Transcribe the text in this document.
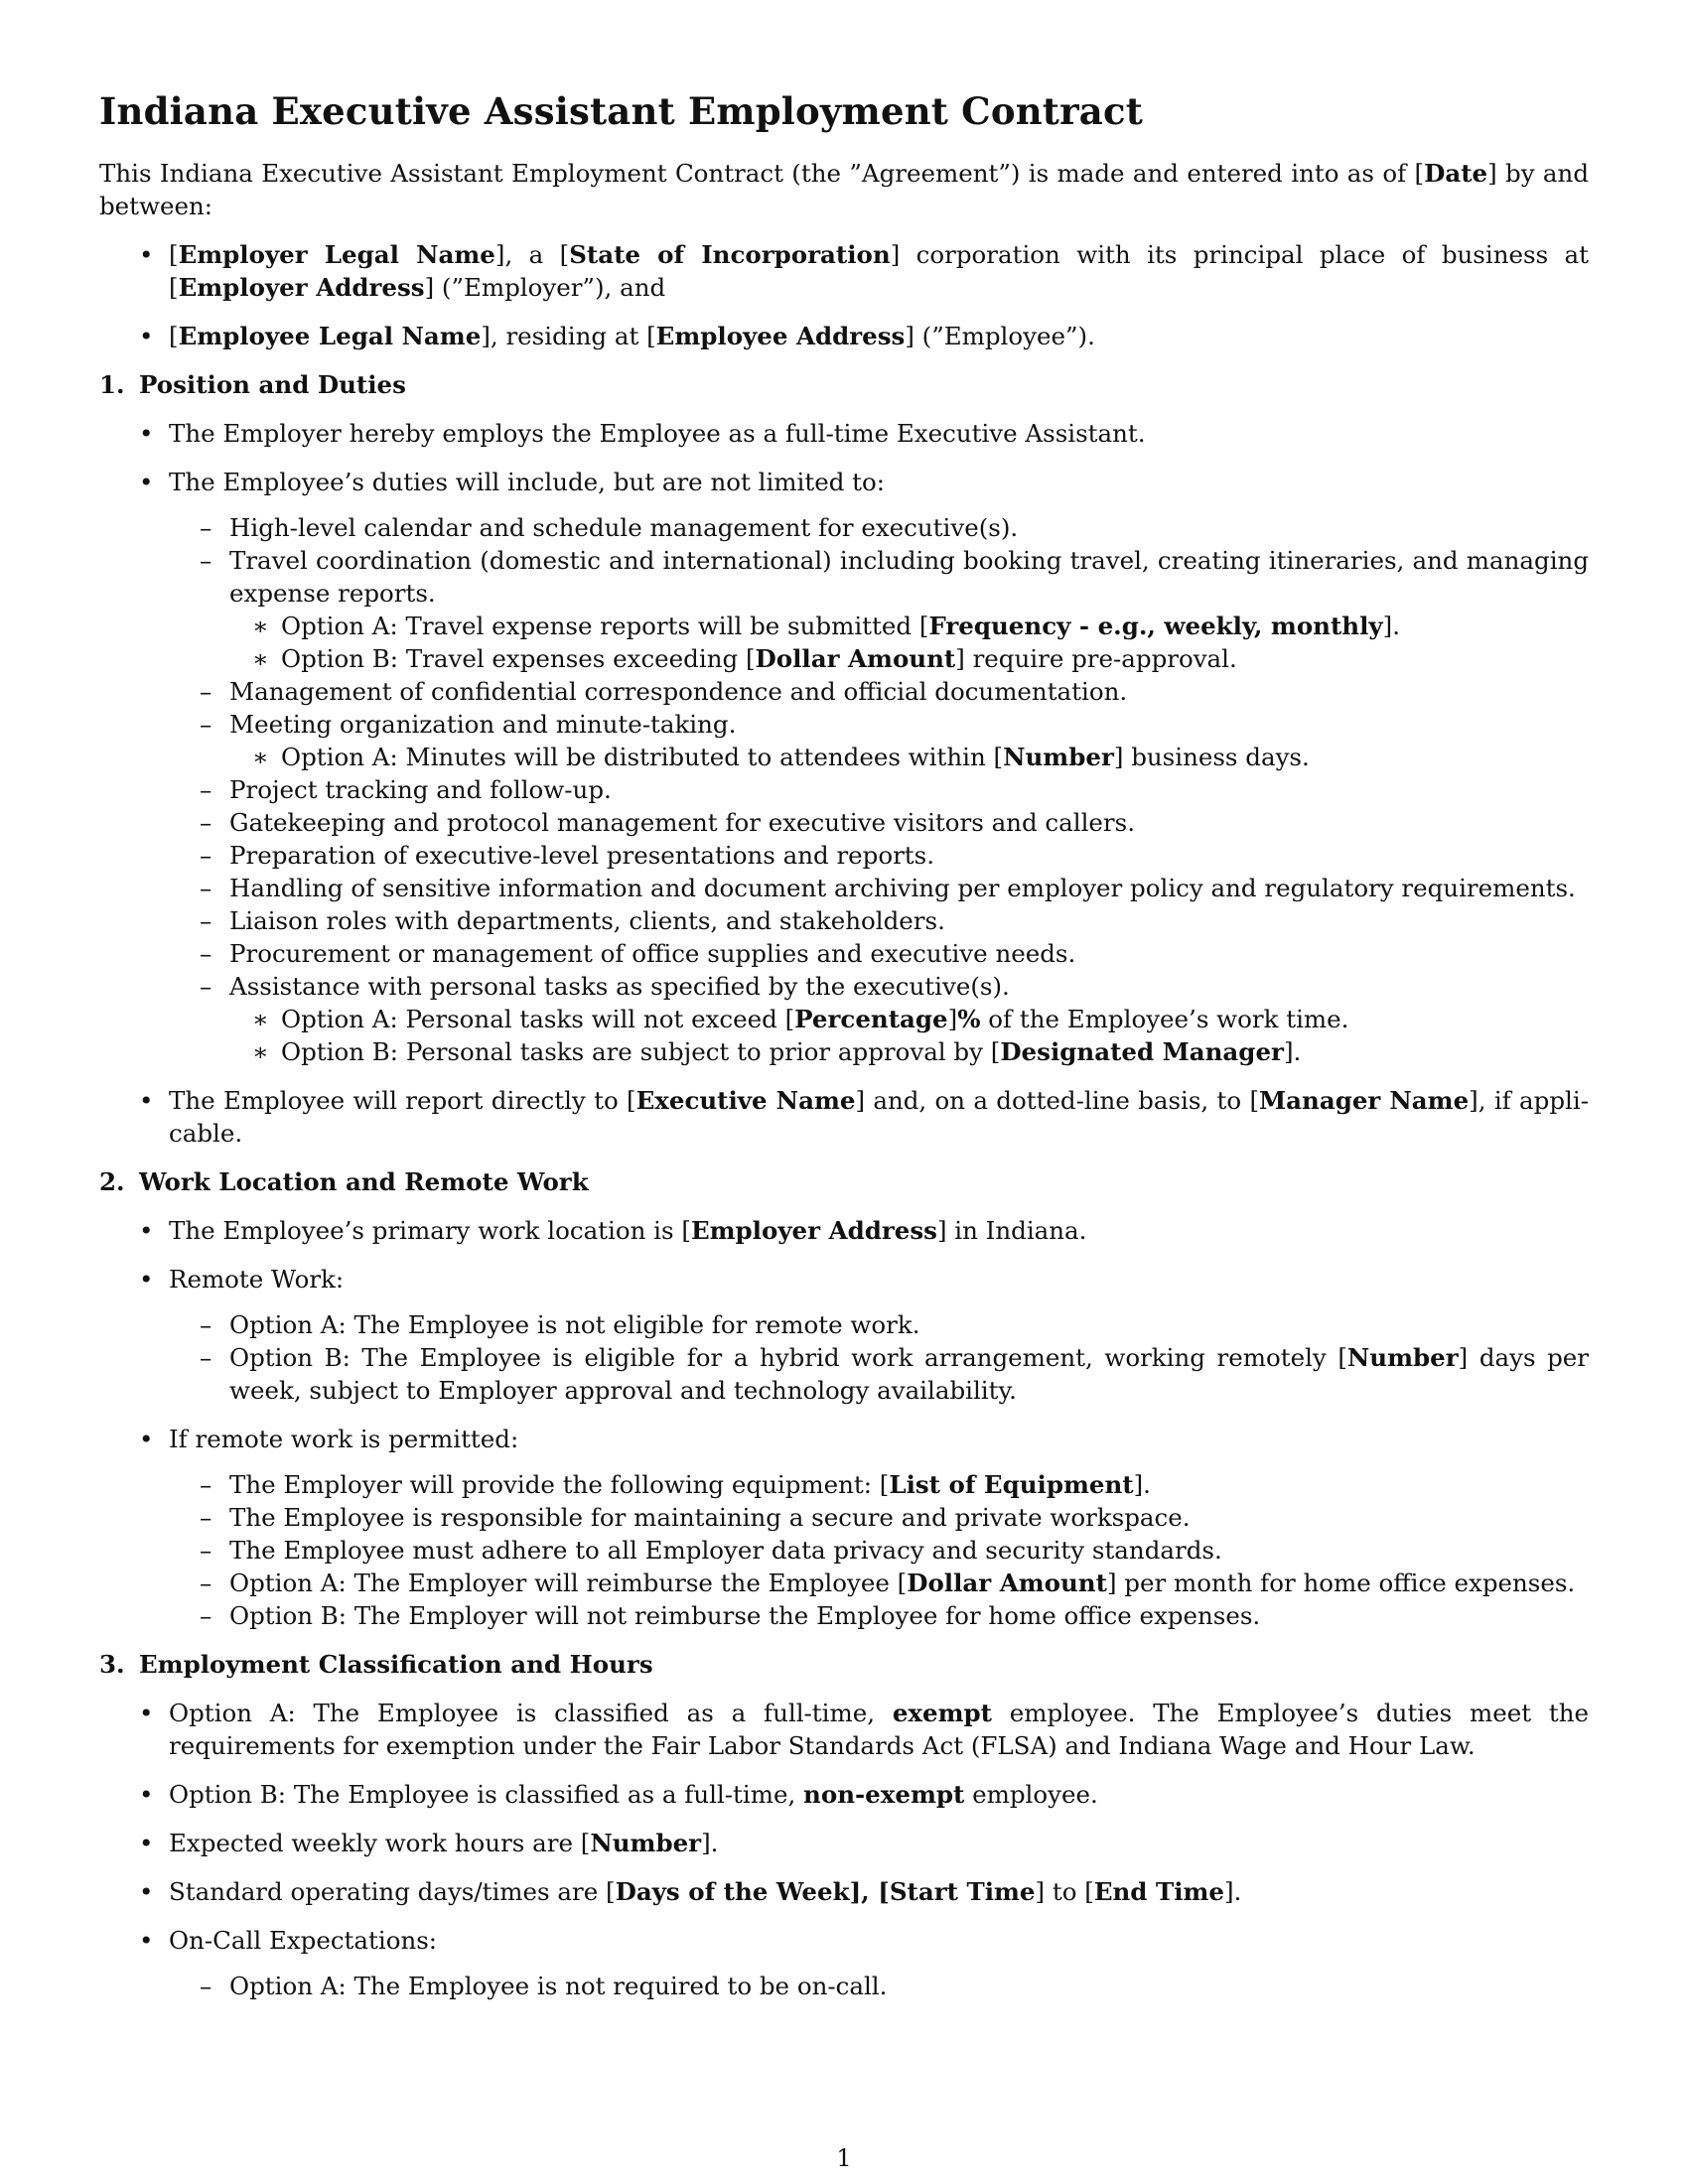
Indiana Executive Assistant Employment Contract

This Indiana Executive Assistant Employment Contract (the ”Agreement”) is made and entered into as of [Date] by and between:

• [Employer Legal Name], a [State of Incorporation] corporation with its principal place of business at [Employer Address] (”Employer”), and
• [Employee Legal Name], residing at [Employee Address] (”Employee”).
1. Position and Duties
• The Employer hereby employs the Employee as a full-time Executive Assistant.
• The Employee’s duties will include, but are not limited to:
– High-level calendar and schedule management for executive(s).
– Travel coordination (domestic and international) including booking travel, creating itineraries, and managing expense reports.
∗ Option A: Travel expense reports will be submitted [Frequency - e.g., weekly, monthly].
∗ Option B: Travel expenses exceeding [Dollar Amount] require pre-approval.
– Management of confidential correspondence and official documentation.
– Meeting organization and minute-taking.
∗ Option A: Minutes will be distributed to attendees within [Number] business days.
– Project tracking and follow-up.
– Gatekeeping and protocol management for executive visitors and callers.
– Preparation of executive-level presentations and reports.
– Handling of sensitive information and document archiving per employer policy and regulatory requirements.
– Liaison roles with departments, clients, and stakeholders.
– Procurement or management of office supplies and executive needs.
– Assistance with personal tasks as specified by the executive(s).
∗ Option A: Personal tasks will not exceed [Percentage]% of the Employee’s work time.
∗ Option B: Personal tasks are subject to prior approval by [Designated Manager].
• The Employee will report directly to [Executive Name] and, on a dotted-line basis, to [Manager Name], if appli-cable.
2. Work Location and Remote Work
• The Employee’s primary work location is [Employer Address] in Indiana.
• Remote Work:
– Option A: The Employee is not eligible for remote work.
– Option B: The Employee is eligible for a hybrid work arrangement, working remotely [Number] days per week, subject to Employer approval and technology availability.
• If remote work is permitted:
– The Employer will provide the following equipment: [List of Equipment].
– The Employee is responsible for maintaining a secure and private workspace.
– The Employee must adhere to all Employer data privacy and security standards.
– Option A: The Employer will reimburse the Employee [Dollar Amount] per month for home office expenses.
– Option B: The Employer will not reimburse the Employee for home office expenses.
3. Employment Classification and Hours
• Option A: The Employee is classified as a full-time, exempt employee. The Employee’s duties meet the requirements for exemption under the Fair Labor Standards Act (FLSA) and Indiana Wage and Hour Law.
• Option B: The Employee is classified as a full-time, non-exempt employee.
• Expected weekly work hours are [Number].
• Standard operating days/times are [Days of the Week], [Start Time] to [End Time].
• On-Call Expectations:
– Option A: The Employee is not required to be on-call.
1
